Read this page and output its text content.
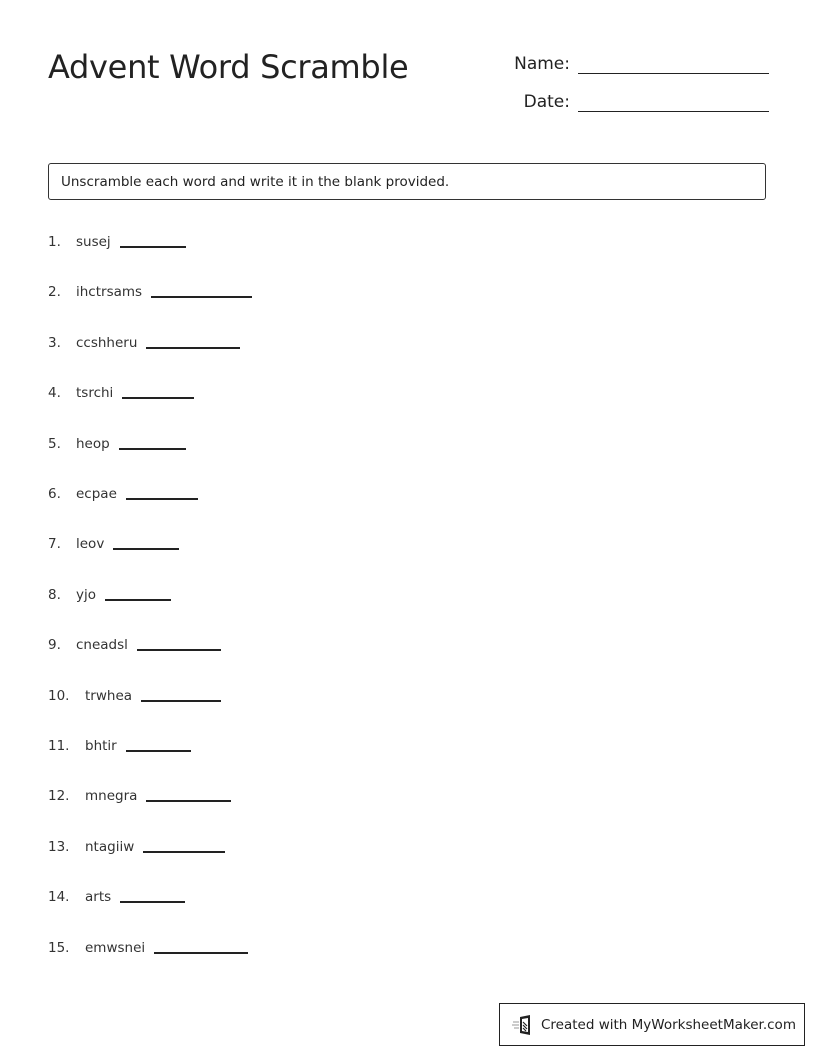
Advent Word Scramble	Name:
Date:
Unscramble each word and write it in the blank provided.
1.	susej
2.	ihctrsams
3.	ccshheru
4.	tsrchi
5.	heop
6.	ecpae
7.	leov
8.	yjo
9.	cneadsl
10.	trwhea
11.	bhtir
12.	mnegra
13.	ntagiiw
14.	arts
15.	emwsnei
Created with MyWorksheetMaker.com
